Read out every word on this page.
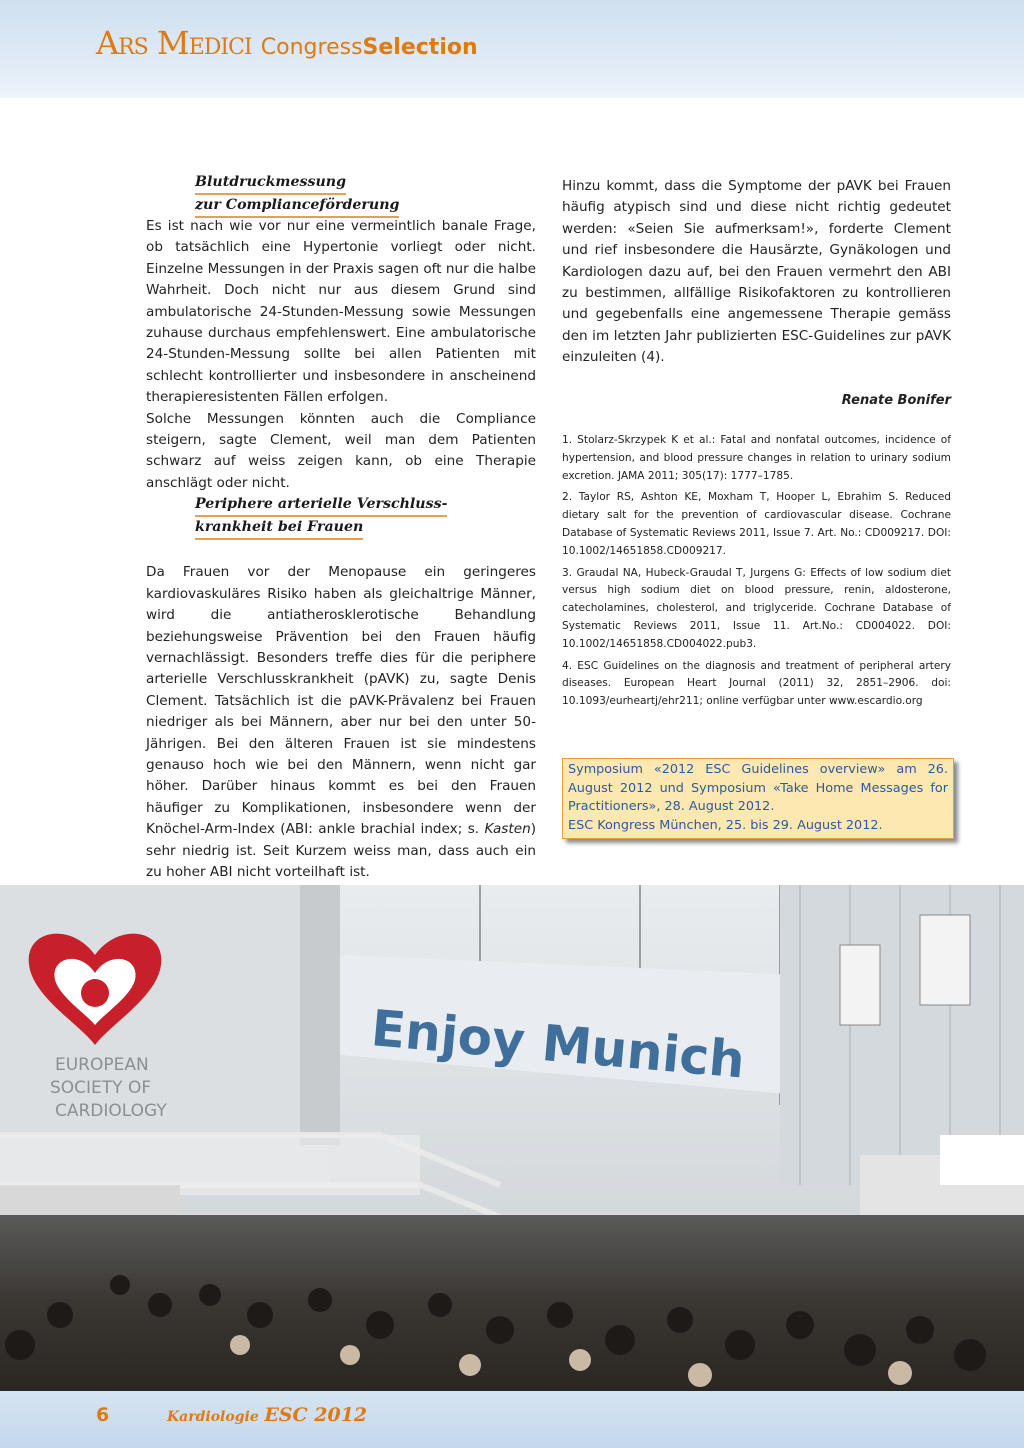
Ars Medici CongressSelection
Blutdruckmessung
zur Complianceförderung

Es ist nach wie vor nur eine vermeintlich banale Frage, ob tatsächlich eine Hypertonie vorliegt oder nicht. Einzelne Messungen in der Praxis sagen oft nur die halbe Wahrheit. Doch nicht nur aus diesem Grund sind ambulatorische 24-Stunden-Messung sowie Messungen zuhause durchaus empfehlenswert. Eine ambulatorische 24-Stunden-Messung sollte bei allen Patienten mit schlecht kontrollierter und insbesondere in anscheinend therapieresistenten Fällen erfolgen.

Solche Messungen könnten auch die Compliance steigern, sagte Clement, weil man dem Patienten schwarz auf weiss zeigen kann, ob eine Therapie anschlägt oder nicht.

Da Frauen vor der Menopause ein geringeres kardiovaskuläres Risiko haben als gleichaltrige Männer, wird die antiatherosklerotische Behandlung beziehungsweise Prävention bei den Frauen häufig vernachlässigt. Besonders treffe dies für die periphere arterielle Verschlusskrankheit (pAVK) zu, sagte Denis Clement. Tatsächlich ist die pAVK-Prävalenz bei Frauen niedriger als bei Männern, aber nur bei den unter 50-Jährigen. Bei den älteren Frauen ist sie mindestens genauso hoch wie bei den Männern, wenn nicht gar höher. Darüber hinaus kommt es bei den Frauen häufiger zu Komplikationen, insbesondere wenn der Knöchel-Arm-Index (ABI: ankle brachial index; s. Kasten) sehr niedrig ist. Seit Kurzem weiss man, dass auch ein zu hoher ABI nicht vorteilhaft ist.

Periphere arterielle Verschluss-
krankheit bei Frauen

Hinzu kommt, dass die Symptome der pAVK bei Frauen häufig atypisch sind und diese nicht richtig gedeutet werden: «Seien Sie aufmerksam!», forderte Clement und rief insbesondere die Hausärzte, Gynäkologen und Kardiologen dazu auf, bei den Frauen vermehrt den ABI zu bestimmen, allfällige Risikofaktoren zu kontrollieren und gegebenfalls eine angemessene Therapie gemäss den im letzten Jahr publizierten ESC-Guidelines zur pAVK einzuleiten (4).

Renate Bonifer

1. Stolarz-Skrzypek K et al.: Fatal and nonfatal outcomes, incidence of hypertension, and blood pressure changes in relation to urinary sodium excretion. JAMA 2011; 305(17): 1777–1785.

2. Taylor RS, Ashton KE, Moxham T, Hooper L, Ebrahim S. Reduced dietary salt for the prevention of cardiovascular disease. Cochrane Database of Systematic Reviews 2011, Issue 7. Art. No.: CD009217. DOI: 10.1002/14651858.CD009217.

3. Graudal NA, Hubeck-Graudal T, Jurgens G: Effects of low sodium diet versus high sodium diet on blood pressure, renin, aldosterone, catecholamines, cholesterol, and triglyceride. Cochrane Database of Systematic Reviews 2011, Issue 11. Art.No.: CD004022. DOI: 10.1002/14651858.CD004022.pub3.

4. ESC Guidelines on the diagnosis and treatment of peripheral artery diseases. European Heart Journal (2011) 32, 2851–2906. doi: 10.1093/eurheartj/ehr211; online verfügbar unter www.escardio.org

Symposium «2012 ESC Guidelines overview» am 26. August 2012 und Symposium «Take Home Messages for Practitioners», 28. August 2012.
ESC Kongress München, 25. bis 29. August 2012.
EUROPEAN
SOCIETY OF
CARDIOLOGY
Enjoy Munich
6	Kardiologie ESC 2012
